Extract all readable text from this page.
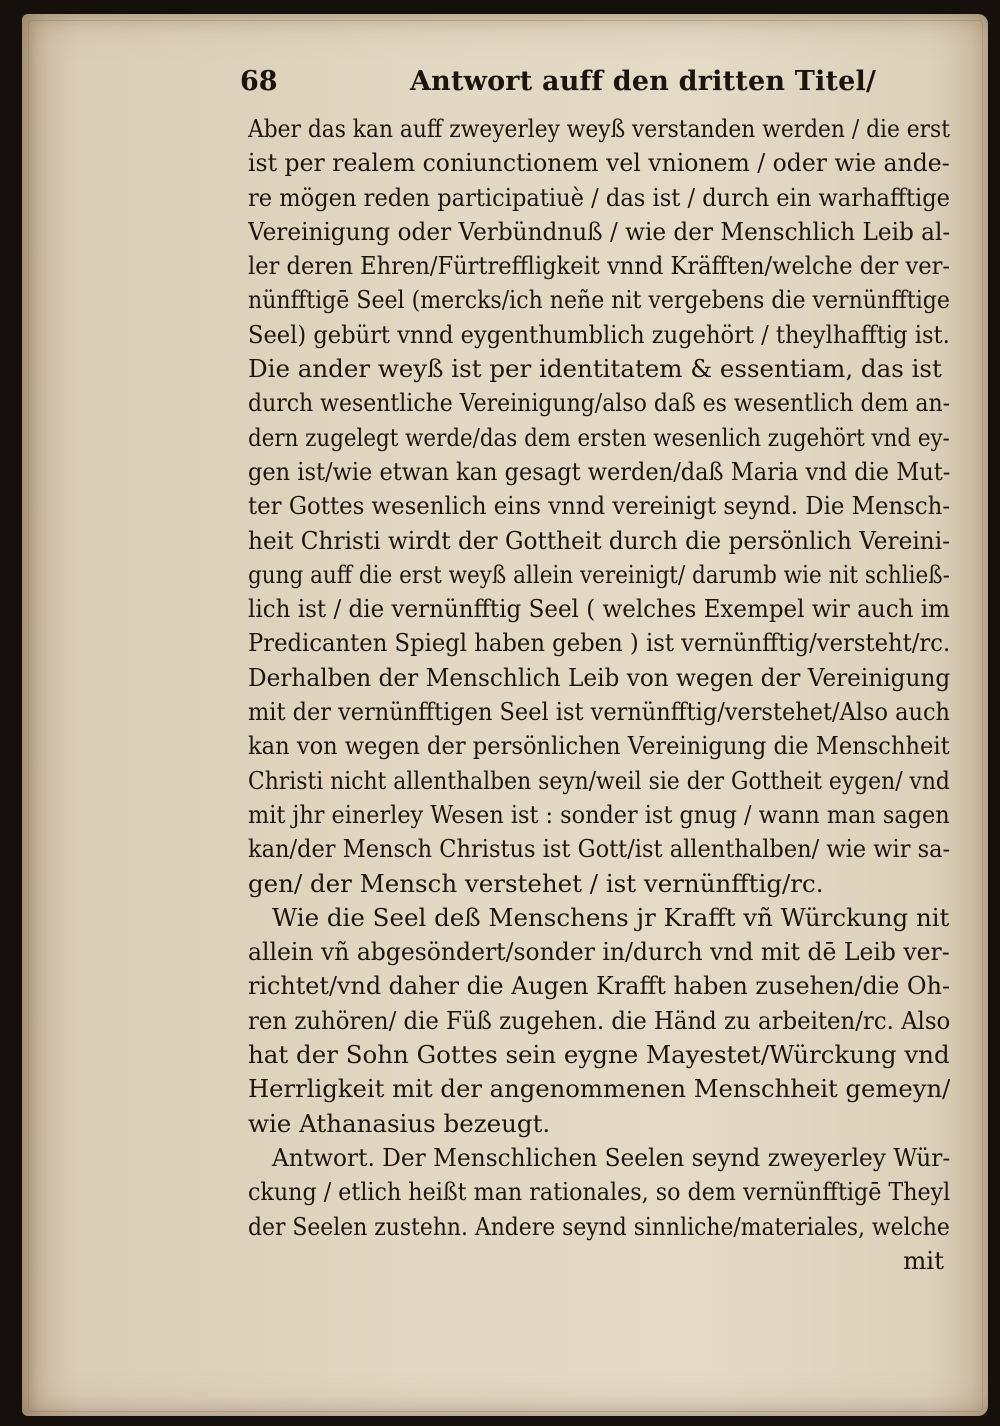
68	Antwort auff den dritten Titel/
Aber das kan auff zweyerley weyß verstanden werden / die erst
ist per realem coniunctionem vel vnionem / oder wie ande-
re mögen reden participatiuè / das ist / durch ein warhafftige
Vereinigung oder Verbündnuß / wie der Menschlich Leib al-
ler deren Ehren/Fürtreffligkeit vnnd Kräfften/welche der ver-
nünfftigē Seel (mercks/ich neñe nit vergebens die vernünfftige
Seel) gebürt vnnd eygenthumblich zugehört / theylhafftig ist.
Die ander weyß ist per identitatem & essentiam, das ist
durch wesentliche Vereinigung/also daß es wesentlich dem an-
dern zugelegt werde/das dem ersten wesenlich zugehört vnd ey-
gen ist/wie etwan kan gesagt werden/daß Maria vnd die Mut-
ter Gottes wesenlich eins vnnd vereinigt seynd. Die Mensch-
heit Christi wirdt der Gottheit durch die persönlich Vereini-
gung auff die erst weyß allein vereinigt/ darumb wie nit schließ-
lich ist / die vernünfftig Seel ( welches Exempel wir auch im
Predicanten Spiegl haben geben ) ist vernünfftig/versteht/rc.
Derhalben der Menschlich Leib von wegen der Vereinigung
mit der vernünfftigen Seel ist vernünfftig/verstehet/Also auch
kan von wegen der persönlichen Vereinigung die Menschheit
Christi nicht allenthalben seyn/weil sie der Gottheit eygen/ vnd
mit jhr einerley Wesen ist : sonder ist gnug / wann man sagen
kan/der Mensch Christus ist Gott/ist allenthalben/ wie wir sa-
gen/ der Mensch verstehet / ist vernünfftig/rc.
Wie die Seel deß Menschens jr Krafft vñ Würckung nit
allein vñ abgesöndert/sonder in/durch vnd mit dē Leib ver-
richtet/vnd daher die Augen Krafft haben zusehen/die Oh-
ren zuhören/ die Füß zugehen. die Händ zu arbeiten/rc. Also
hat der Sohn Gottes sein eygne Mayestet/Würckung vnd
Herrligkeit mit der angenommenen Menschheit gemeyn/
wie Athanasius bezeugt.
Antwort. Der Menschlichen Seelen seynd zweyerley Wür-
ckung / etlich heißt man rationales, so dem vernünfftigē Theyl
der Seelen zustehn. Andere seynd sinnliche/materiales, welche
mit
